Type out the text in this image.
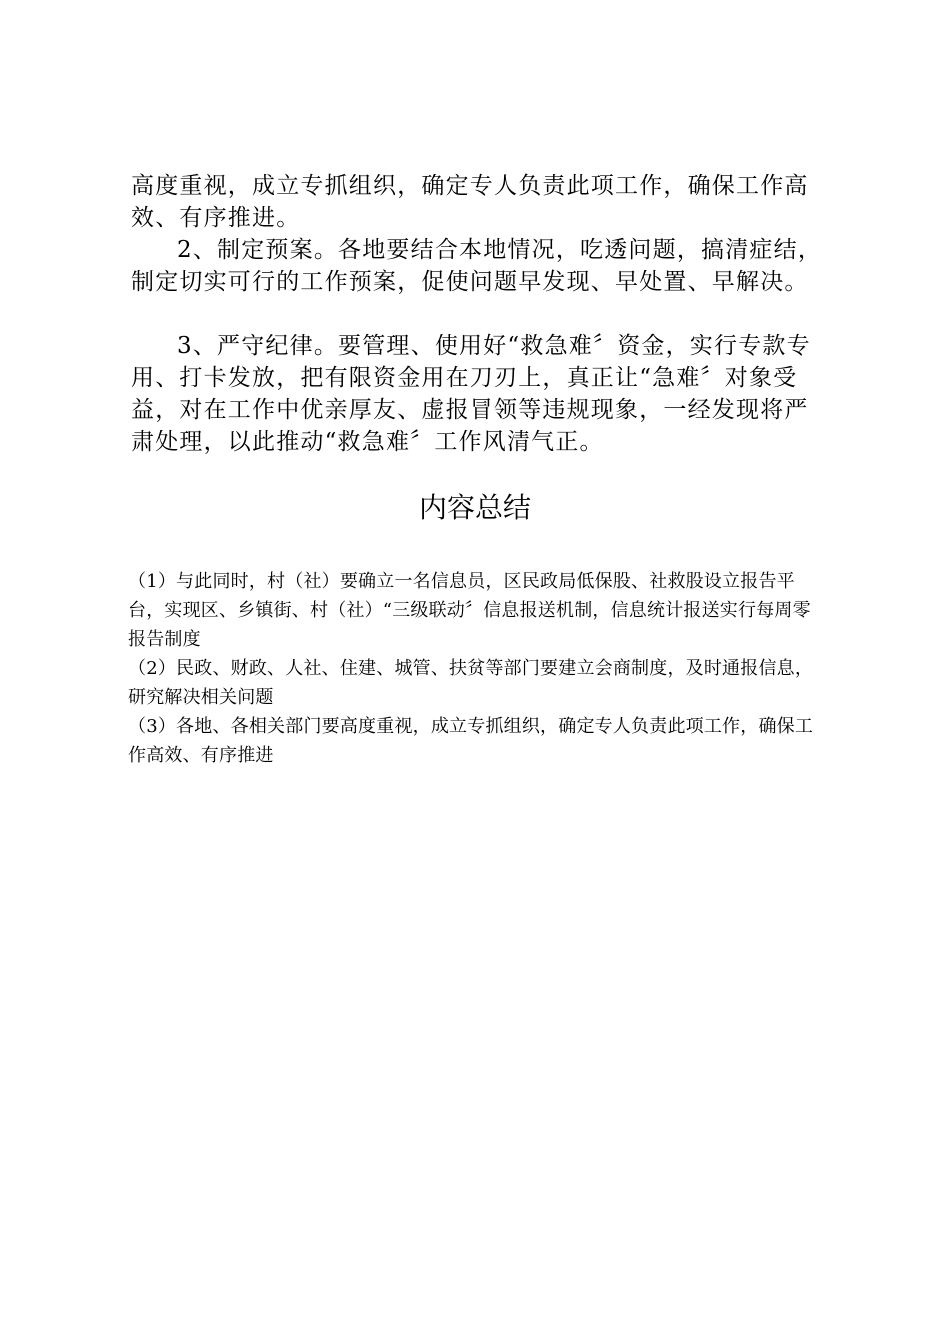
高度重视，成立专抓组织，确定专人负责此项工作，确保工作高效、有序推进。

2、制定预案。各地要结合本地情况，吃透问题，搞清症结，制定切实可行的工作预案，促使问题早发现、早处置、早解决。

3、严守纪律。要管理、使用好“救急难〞资金，实行专款专用、打卡发放，把有限资金用在刀刃上，真正让“急难〞对象受益，对在工作中优亲厚友、虚报冒领等违规现象，一经发现将严肃处理，以此推动“救急难〞工作风清气正。

内容总结

（1）与此同时，村（社）要确立一名信息员，区民政局低保股、社救股设立报告平台，实现区、乡镇街、村（社）“三级联动〞信息报送机制，信息统计报送实行每周零报告制度

（2）民政、财政、人社、住建、城管、扶贫等部门要建立会商制度，及时通报信息，研究解决相关问题

（3）各地、各相关部门要高度重视，成立专抓组织，确定专人负责此项工作，确保工作高效、有序推进
